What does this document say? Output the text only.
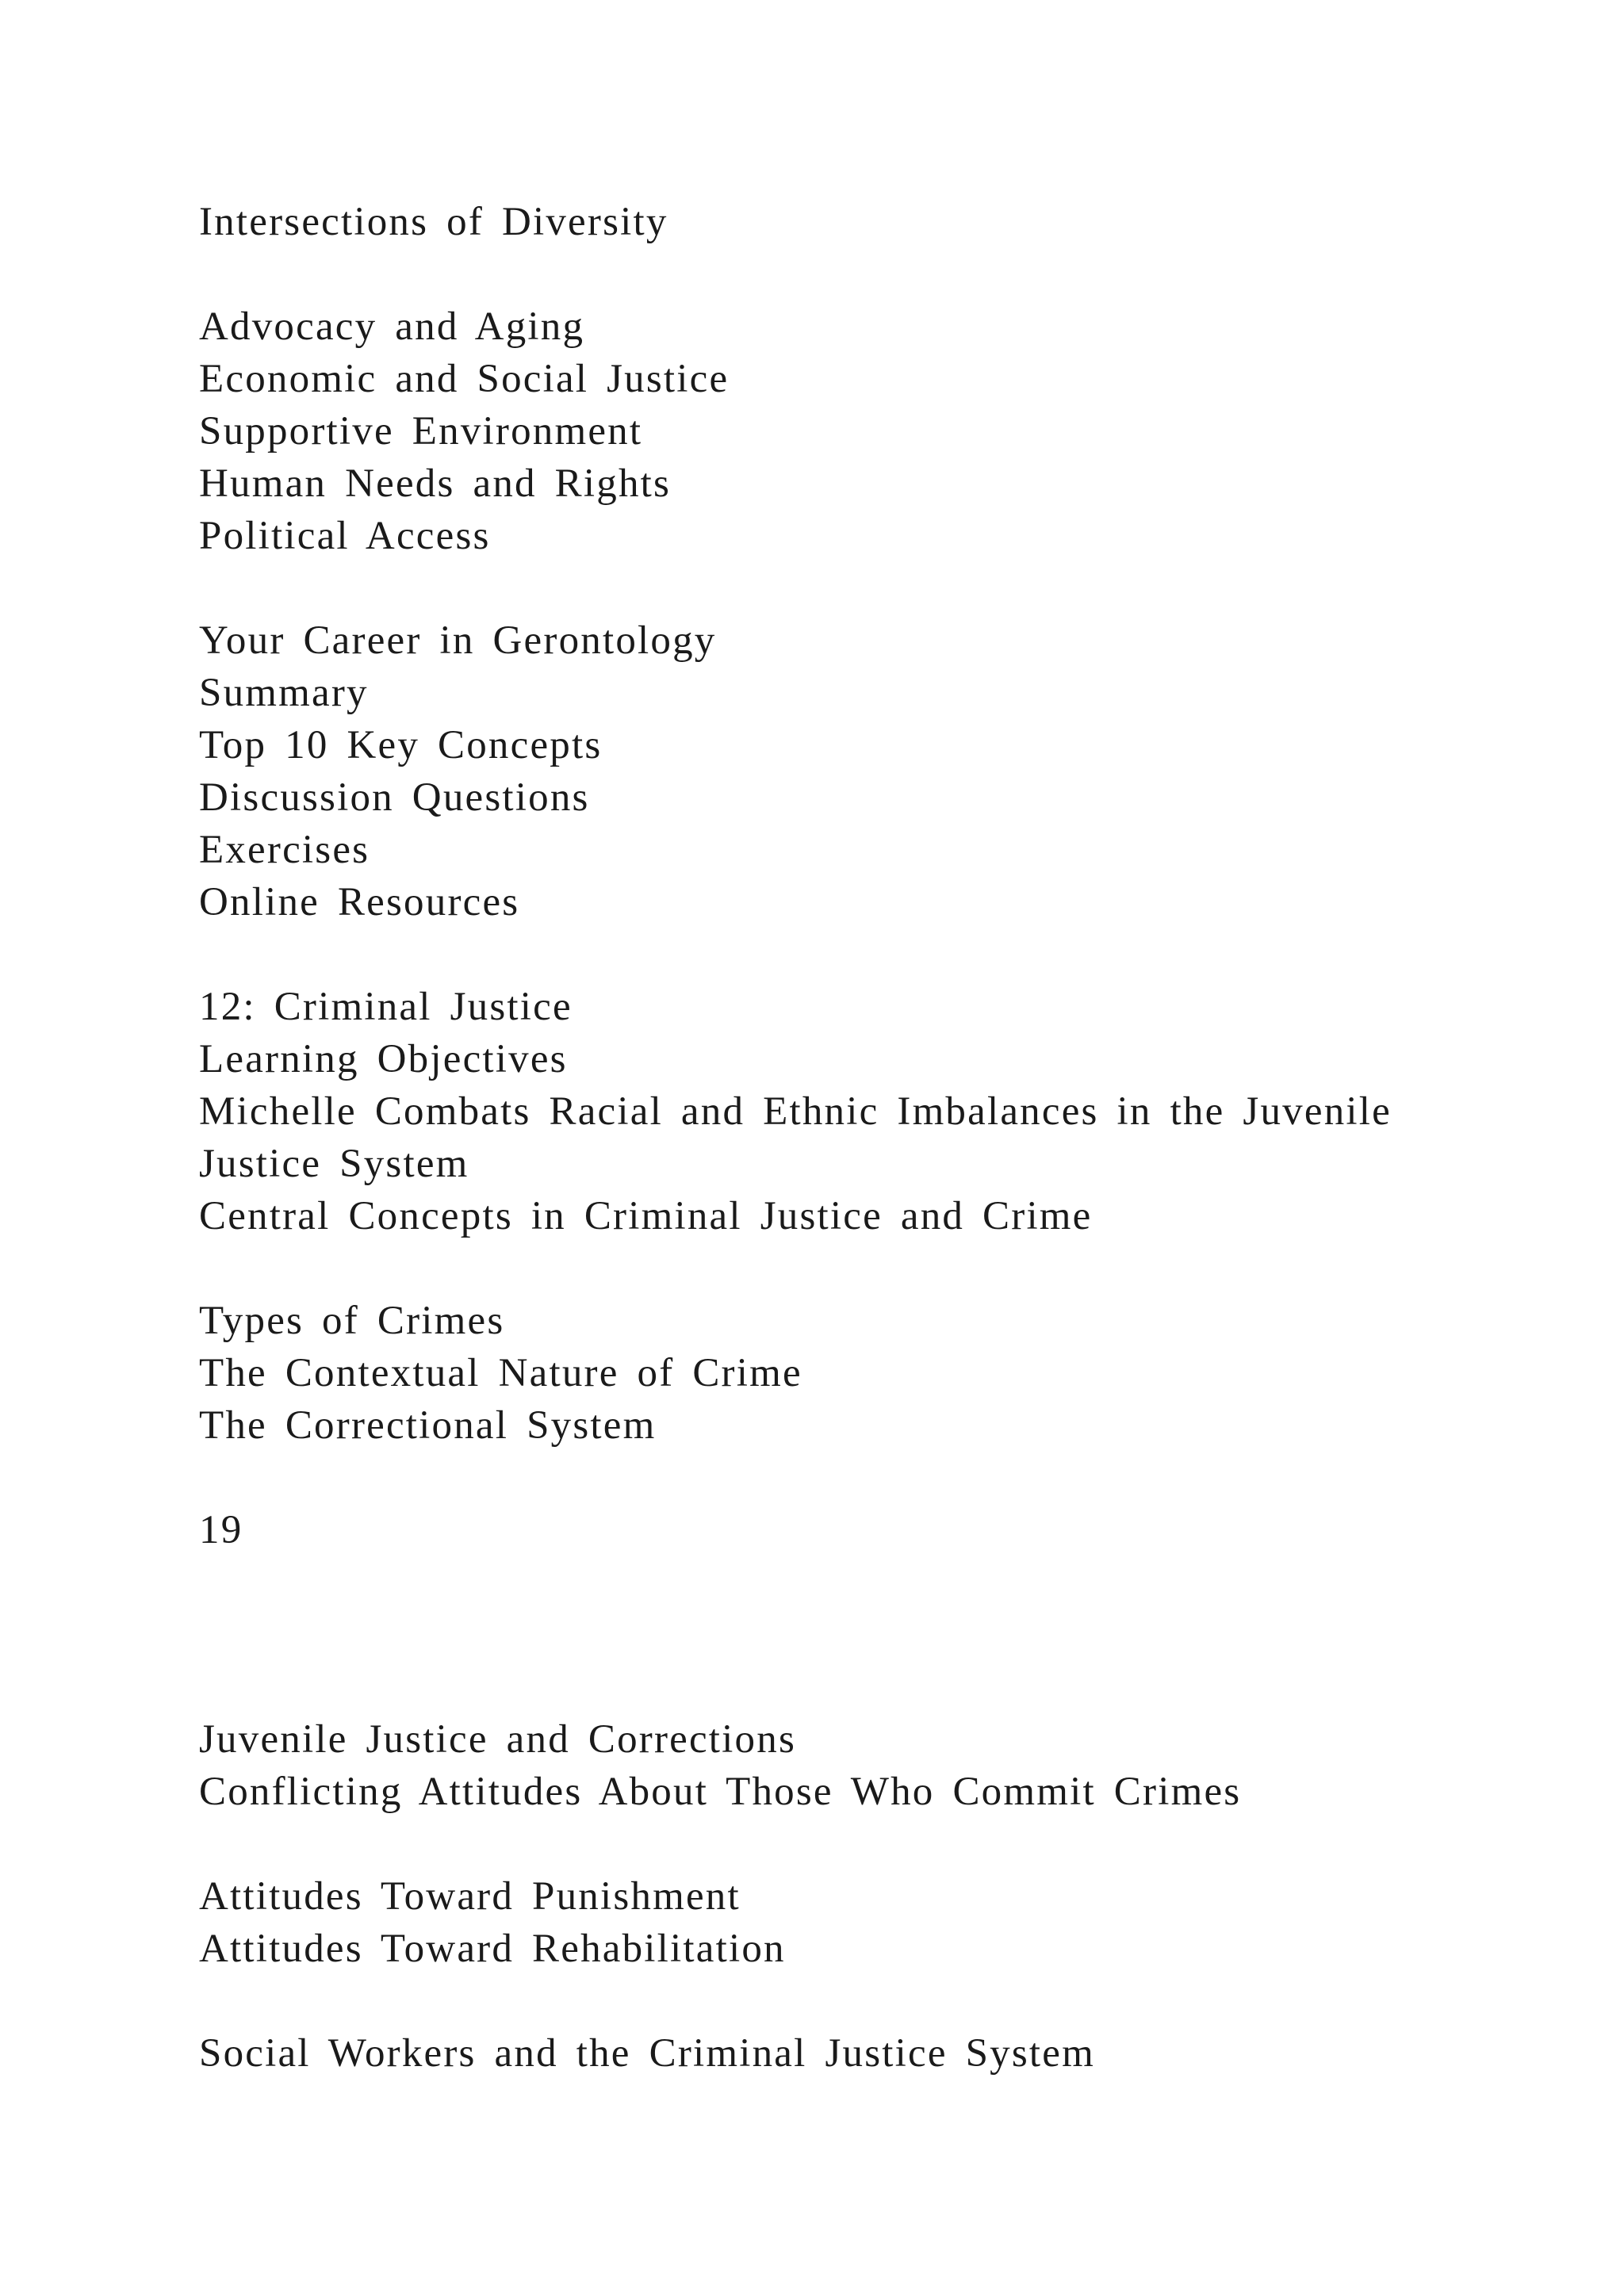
Intersections of Diversity

Advocacy and Aging

Economic and Social Justice

Supportive Environment

Human Needs and Rights

Political Access

Your Career in Gerontology

Summary

Top 10 Key Concepts

Discussion Questions

Exercises

Online Resources

12: Criminal Justice

Learning Objectives

Michelle Combats Racial and Ethnic Imbalances in the Juvenile

Justice System

Central Concepts in Criminal Justice and Crime

Types of Crimes

The Contextual Nature of Crime

The Correctional System

19

Juvenile Justice and Corrections

Conflicting Attitudes About Those Who Commit Crimes

Attitudes Toward Punishment

Attitudes Toward Rehabilitation

Social Workers and the Criminal Justice System
